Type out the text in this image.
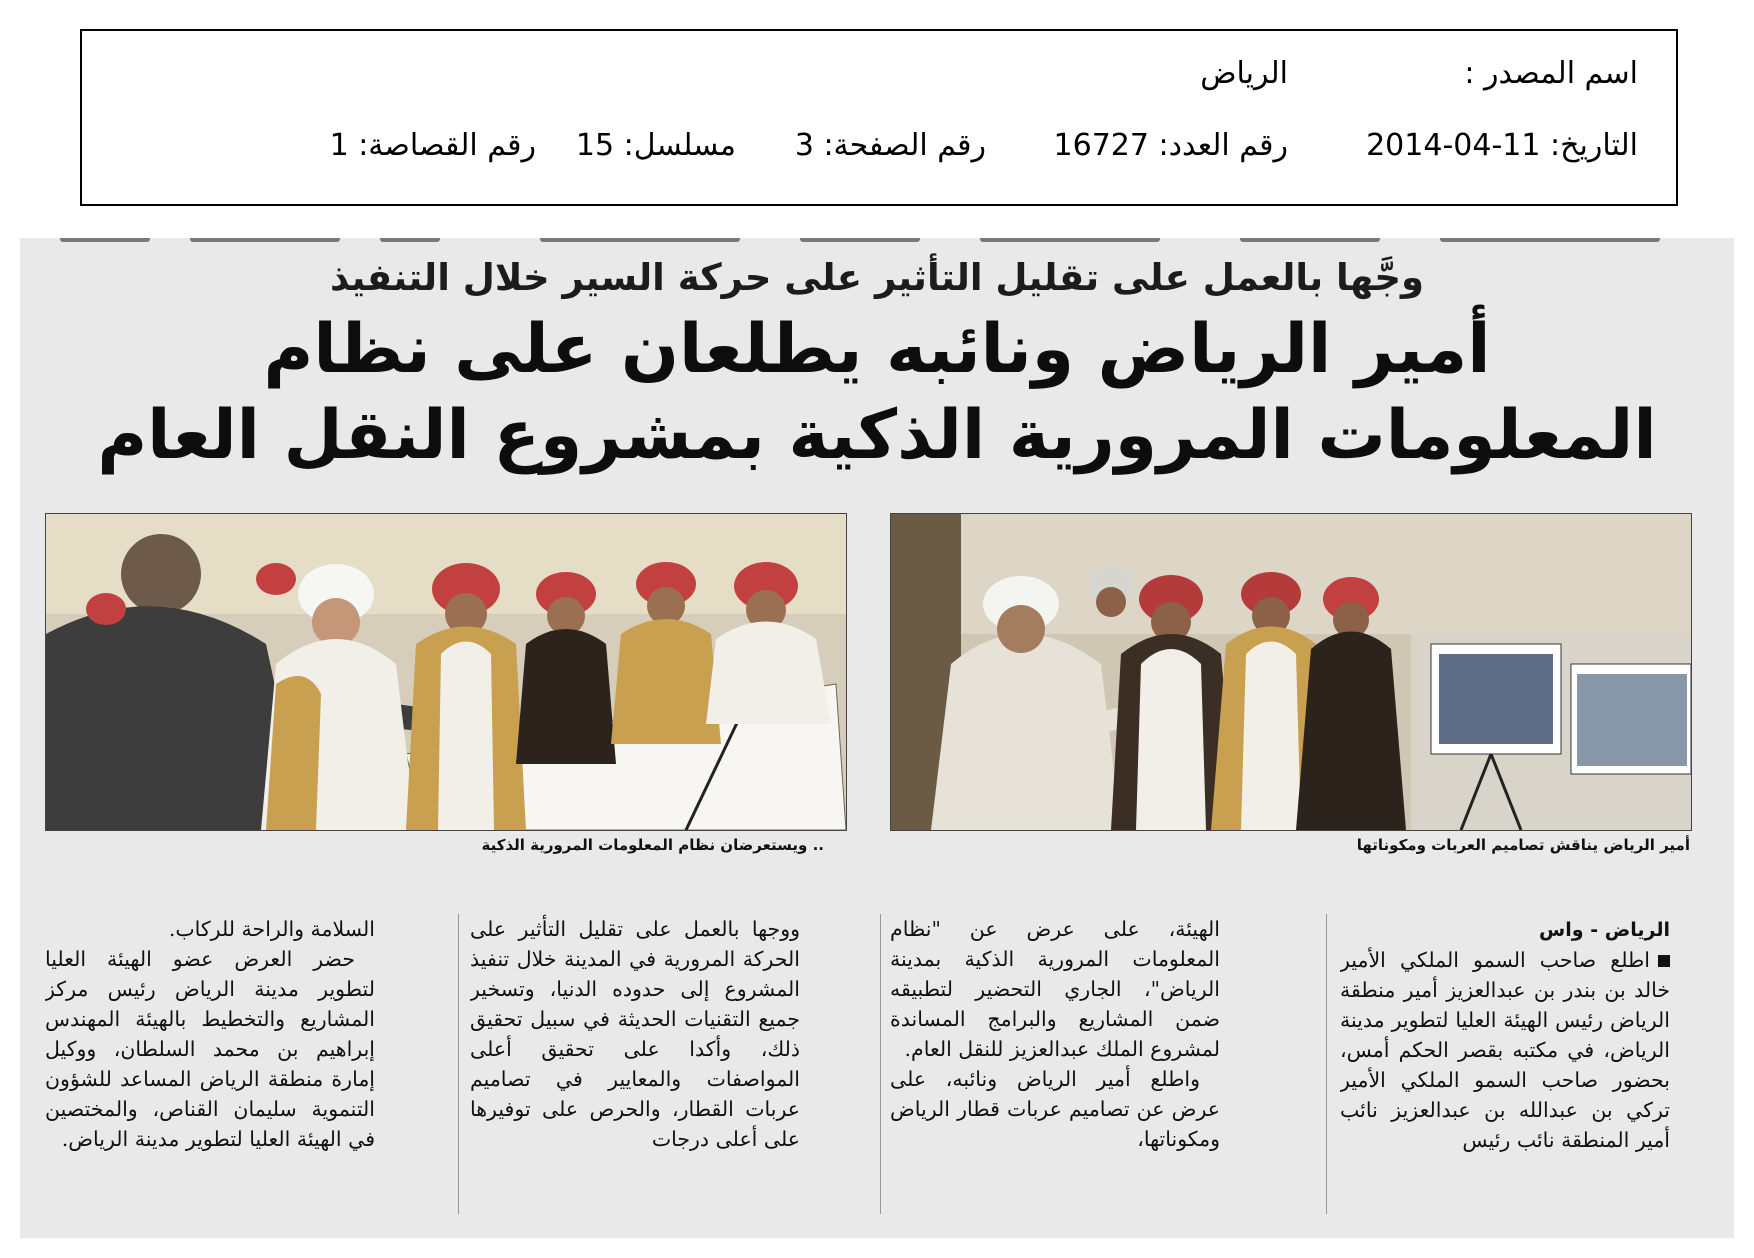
اسم المصدر :
الرياض
التاريخ: 11-04-2014
رقم العدد: 16727
رقم الصفحة: 3
مسلسل: 15
رقم القصاصة: 1
وجَّها بالعمل على تقليل التأثير على حركة السير خلال التنفيذ
أمير الرياض ونائبه يطلعان على نظام
المعلومات المرورية الذكية بمشروع النقل العام
أمير الرياض يناقش تصاميم العربات ومكوناتها
.. ويستعرضان نظام المعلومات المرورية الذكية

الرياض - واس

اطلع صاحب السمو الملكي الأمير خالد بن بندر بن عبدالعزيز أمير منطقة الرياض رئيس الهيئة العليا لتطوير مدينة الرياض، في مكتبه بقصر الحكم أمس، بحضور صاحب السمو الملكي الأمير تركي بن عبدالله بن عبدالعزيز نائب أمير المنطقة نائب رئيس

الهيئة، على عرض عن "نظام المعلومات المرورية الذكية بمدينة الرياض"، الجاري التحضير لتطبيقه ضمن المشاريع والبرامج المساندة لمشروع الملك عبدالعزيز للنقل العام.

واطلع أمير الرياض ونائبه، على عرض عن تصاميم عربات قطار الرياض ومكوناتها،

ووجها بالعمل على تقليل التأثير على الحركة المرورية في المدينة خلال تنفيذ المشروع إلى حدوده الدنيا، وتسخير جميع التقنيات الحديثة في سبيل تحقيق ذلك، وأكدا على تحقيق أعلى المواصفات والمعايير في تصاميم عربات القطار، والحرص على توفيرها على أعلى درجات

السلامة والراحة للركاب.

حضر العرض عضو الهيئة العليا لتطوير مدينة الرياض رئيس مركز المشاريع والتخطيط بالهيئة المهندس إبراهيم بن محمد السلطان، ووكيل إمارة منطقة الرياض المساعد للشؤون التنموية سليمان القناص، والمختصين في الهيئة العليا لتطوير مدينة الرياض.
